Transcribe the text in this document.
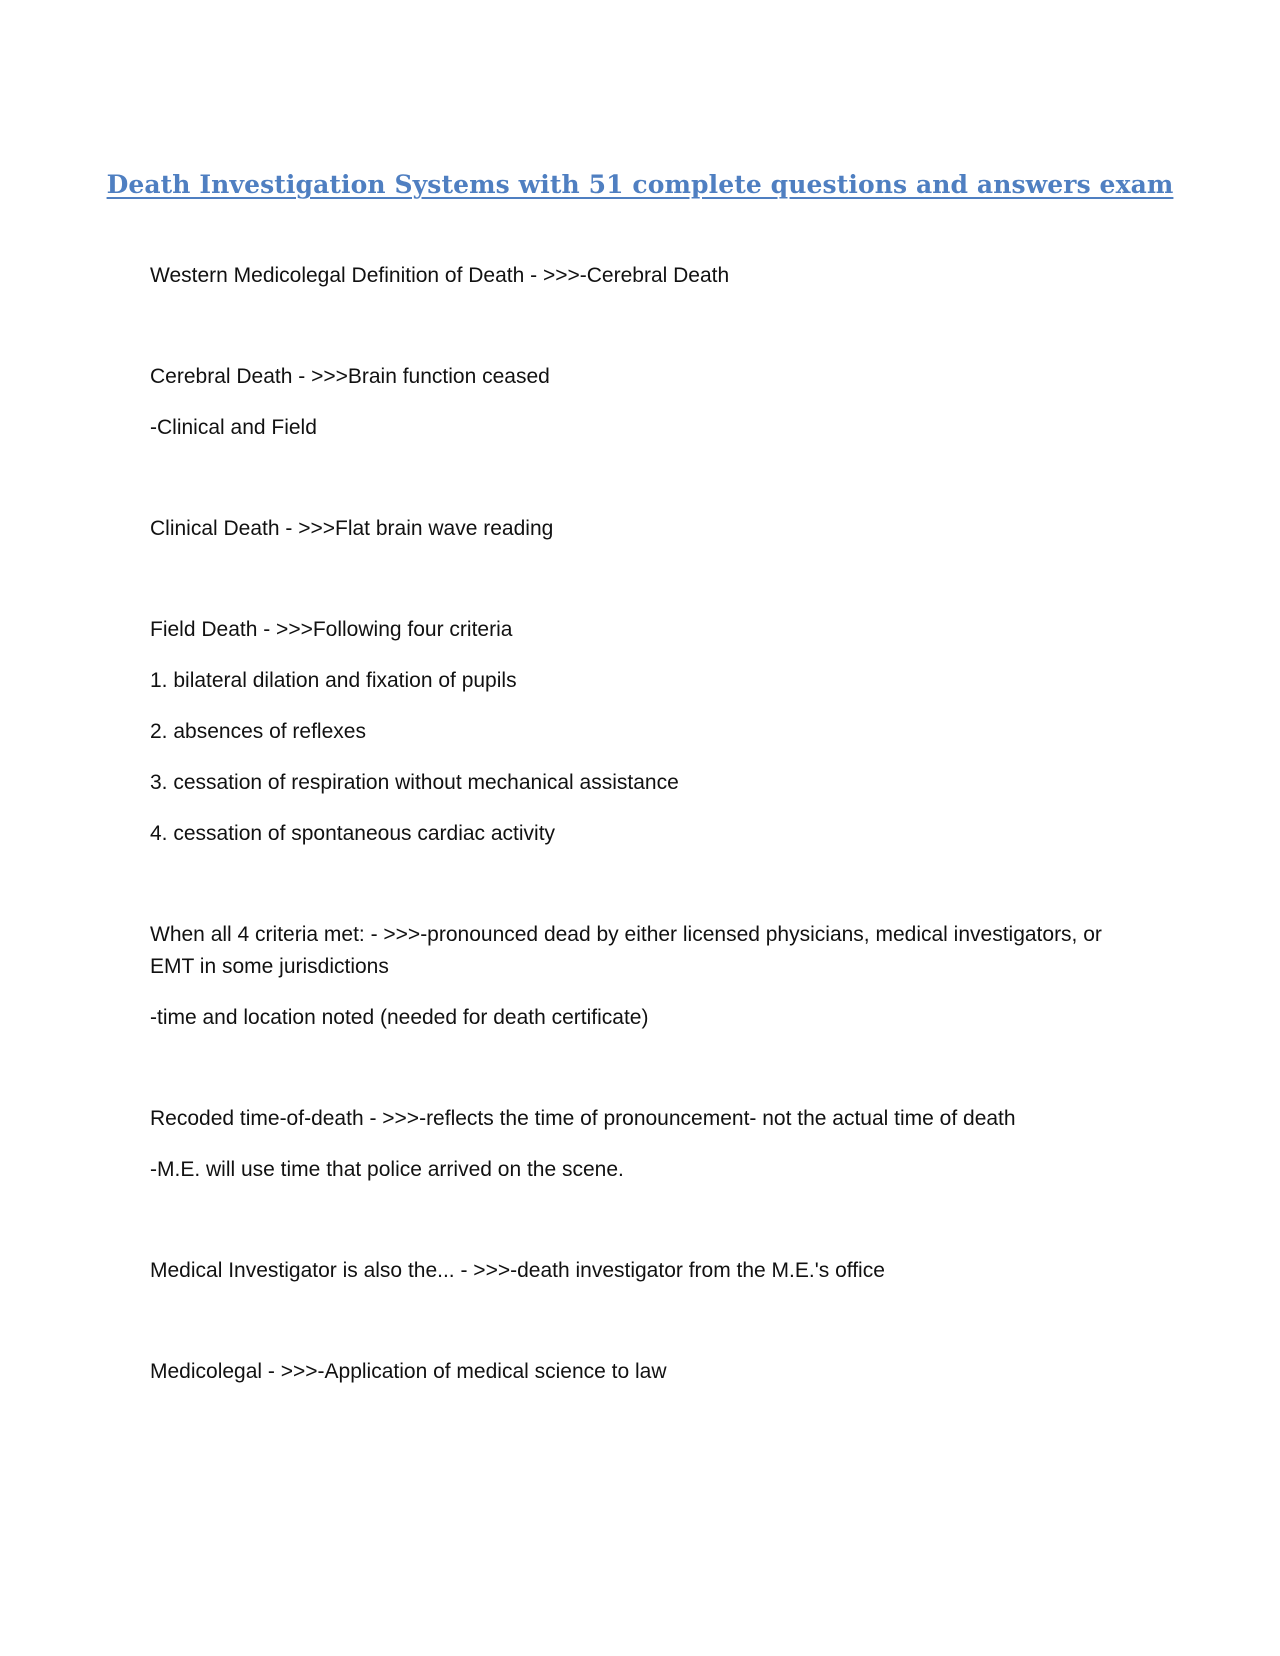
Death Investigation Systems with 51 complete questions and answers exam

Western Medicolegal Definition of Death - >>>-Cerebral Death

Cerebral Death - >>>Brain function ceased

-Clinical and Field

Clinical Death - >>>Flat brain wave reading

Field Death - >>>Following four criteria

1. bilateral dilation and fixation of pupils

2. absences of reflexes

3. cessation of respiration without mechanical assistance

4. cessation of spontaneous cardiac activity

When all 4 criteria met: - >>>-pronounced dead by either licensed physicians, medical investigators, or EMT in some jurisdictions

-time and location noted (needed for death certificate)

Recoded time-of-death - >>>-reflects the time of pronouncement- not the actual time of death

-M.E. will use time that police arrived on the scene.

Medical Investigator is also the... - >>>-death investigator from the M.E.'s office

Medicolegal - >>>-Application of medical science to law
